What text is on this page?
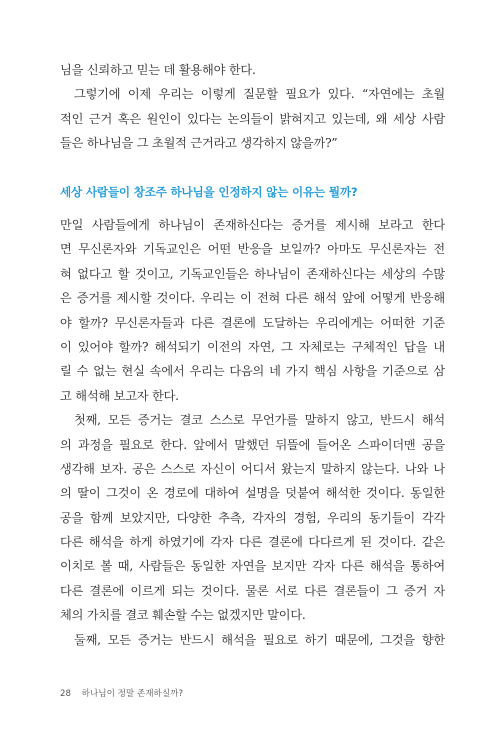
님을 신뢰하고 믿는 데 활용해야 한다.
그렇기에 이제 우리는 이렇게 질문할 필요가 있다. “자연에는 초월
적인 근거 혹은 원인이 있다는 논의들이 밝혀지고 있는데, 왜 세상 사람
들은 하나님을 그 초월적 근거라고 생각하지 않을까?”
세상 사람들이 창조주 하나님을 인정하지 않는 이유는 뭘까?
만일 사람들에게 하나님이 존재하신다는 증거를 제시해 보라고 한다
면 무신론자와 기독교인은 어떤 반응을 보일까? 아마도 무신론자는 전
혀 없다고 할 것이고, 기독교인들은 하나님이 존재하신다는 세상의 수많
은 증거를 제시할 것이다. 우리는 이 전혀 다른 해석 앞에 어떻게 반응해
야 할까? 무신론자들과 다른 결론에 도달하는 우리에게는 어떠한 기준
이 있어야 할까? 해석되기 이전의 자연, 그 자체로는 구체적인 답을 내
릴 수 없는 현실 속에서 우리는 다음의 네 가지 핵심 사항을 기준으로 삼
고 해석해 보고자 한다.
첫째, 모든 증거는 결코 스스로 무언가를 말하지 않고, 반드시 해석
의 과정을 필요로 한다. 앞에서 말했던 뒤뜰에 들어온 스파이더맨 공을
생각해 보자. 공은 스스로 자신이 어디서 왔는지 말하지 않는다. 나와 나
의 딸이 그것이 온 경로에 대하여 설명을 덧붙여 해석한 것이다. 동일한
공을 함께 보았지만, 다양한 추측, 각자의 경험, 우리의 동기들이 각각
다른 해석을 하게 하였기에 각자 다른 결론에 다다르게 된 것이다. 같은
이치로 볼 때, 사람들은 동일한 자연을 보지만 각자 다른 해석을 통하여
다른 결론에 이르게 되는 것이다. 물론 서로 다른 결론들이 그 증거 자
체의 가치를 결코 훼손할 수는 없겠지만 말이다.
둘째, 모든 증거는 반드시 해석을 필요로 하기 때문에, 그것을 향한
28 하나님이 정말 존재하실까?
